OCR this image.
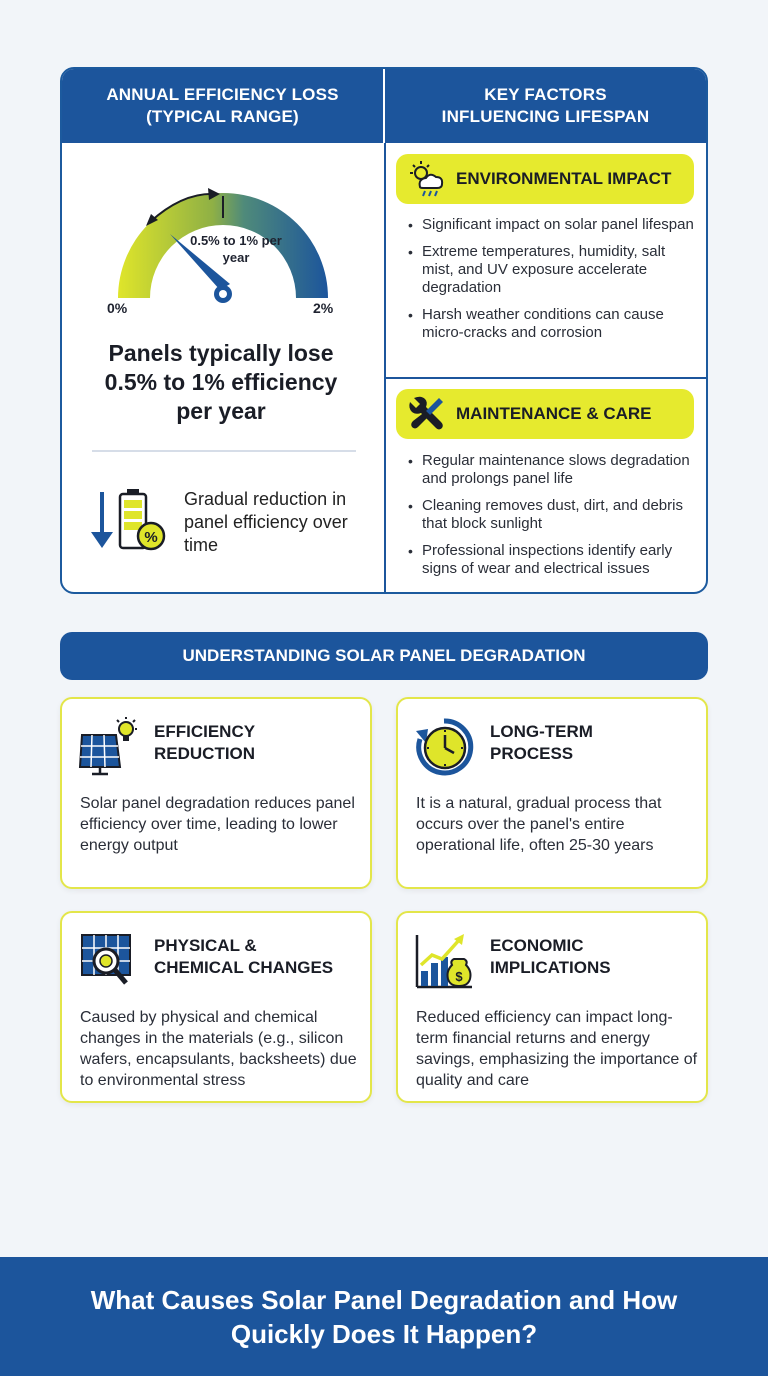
ANNUAL EFFICIENCY LOSS
(TYPICAL RANGE)
KEY FACTORS
INFLUENCING LIFESPAN
0.5% to 1% per year
0%	2%
Panels typically lose 0.5% to 1% efficiency per year
%
Gradual reduction in panel efficiency over time
ENVIRONMENTAL IMPACT
• Significant impact on solar panel lifespan
• Extreme temperatures, humidity, salt mist, and UV exposure accelerate degradation
• Harsh weather conditions can cause micro-cracks and corrosion
MAINTENANCE & CARE
• Regular maintenance slows degradation and prolongs panel life
• Cleaning removes dust, dirt, and debris that block sunlight
• Professional inspections identify early signs of wear and electrical issues
UNDERSTANDING SOLAR PANEL DEGRADATION
EFFICIENCY
REDUCTION
Solar panel degradation reduces panel efficiency over time, leading to lower energy output
LONG-TERM
PROCESS
It is a natural, gradual process that occurs over the panel's entire operational life, often 25-30 years
PHYSICAL &
CHEMICAL CHANGES
Caused by physical and chemical changes in the materials (e.g., silicon wafers, encapsulants, backsheets) due to environmental stress
$
ECONOMIC
IMPLICATIONS
Reduced efficiency can impact long-term financial returns and energy savings, emphasizing the importance of quality and care
What Causes Solar Panel Degradation and How Quickly Does It Happen?
